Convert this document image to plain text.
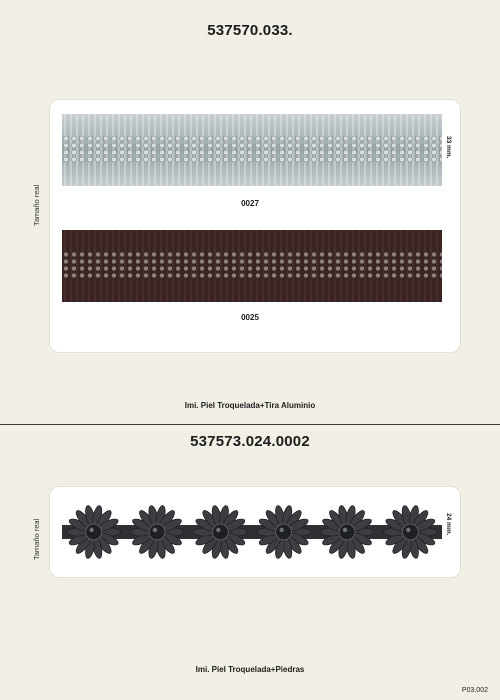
537570.033.
Tamaño real
33 mm.
0027
0025
Imi. Piel Troquelada+Tira Aluminio
537573.024.0002
Tamaño real	24 mm.
Imi. Piel Troquelada+Piedras
P03.002
